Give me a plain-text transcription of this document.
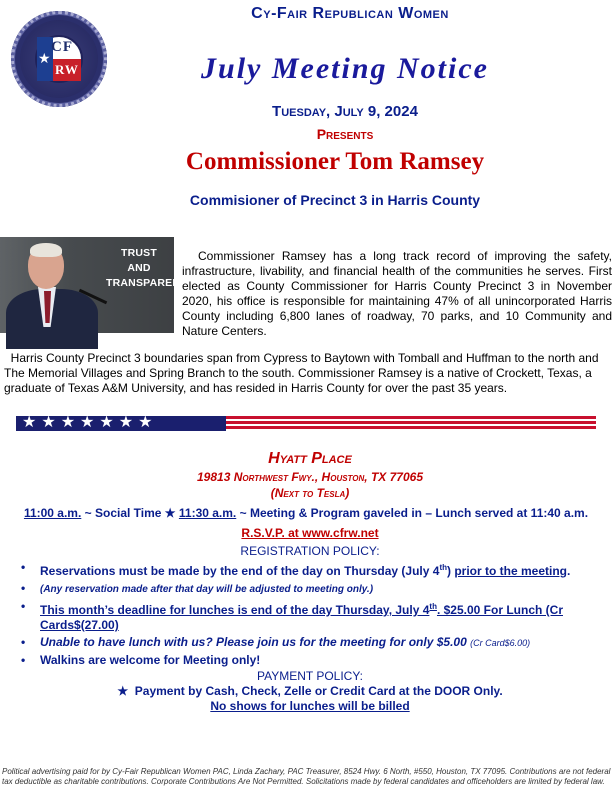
★
CF
RW
Cy-Fair Republican Women
July Meeting Notice
Tuesday, July 9, 2024
Presents
Commissioner Tom Ramsey
Commisioner of Precinct 3 in Harris County
TRUST
AND
TRANSPARENCY
Commissioner Ramsey has a long track record of improving the safety, infrastructure, livability, and financial health of the communities he serves. First elected as County Commissioner for Harris County Precinct 3 in November 2020, his office is responsible for maintaining 47% of all unincorporated Harris County including 6,800 lanes of roadway, 70 parks, and 10 Community and Nature Centers.
Harris County Precinct 3 boundaries span from Cypress to Baytown with Tomball and Huffman to the north and The Memorial Villages and Spring Branch to the south. Commissioner Ramsey is a native of Crockett, Texas, a graduate of Texas A&M University, and has resided in Harris County for over the past 35 years.
★★★★★★★
Hyatt Place
19813 Northwest Fwy., Houston, TX 77065
(Next to Tesla)
11:00 a.m. ~ Social Time ★ 11:30 a.m. ~ Meeting & Program gaveled in – Lunch served at 11:40 a.m.
R.S.V.P. at www.cfrw.net
REGISTRATION POLICY:
• Reservations must be made by the end of the day on Thursday (July 4th) prior to the meeting.
• (Any reservation made after that day will be adjusted to meeting only.)
• This month’s deadline for lunches is end of the day Thursday, July 4th. $25.00 For Lunch (Cr Cards$(27.00)
• Unable to have lunch with us? Please join us for the meeting for only $5.00 (Cr Card$6.00)
• Walkins are welcome for Meeting only!
PAYMENT POLICY:
★  Payment by Cash, Check, Zelle or Credit Card at the DOOR Only.
No shows for lunches will be billed
Political advertising paid for by Cy-Fair Republican Women PAC, Linda Zachary, PAC Treasurer, 8524 Hwy. 6 North, #550, Houston, TX 77095. Contributions are not federal tax deductible as charitable contributions. Corporate Contributions Are Not Permitted. Solicitations made by federal candidates and officeholders are limited by federal law.
